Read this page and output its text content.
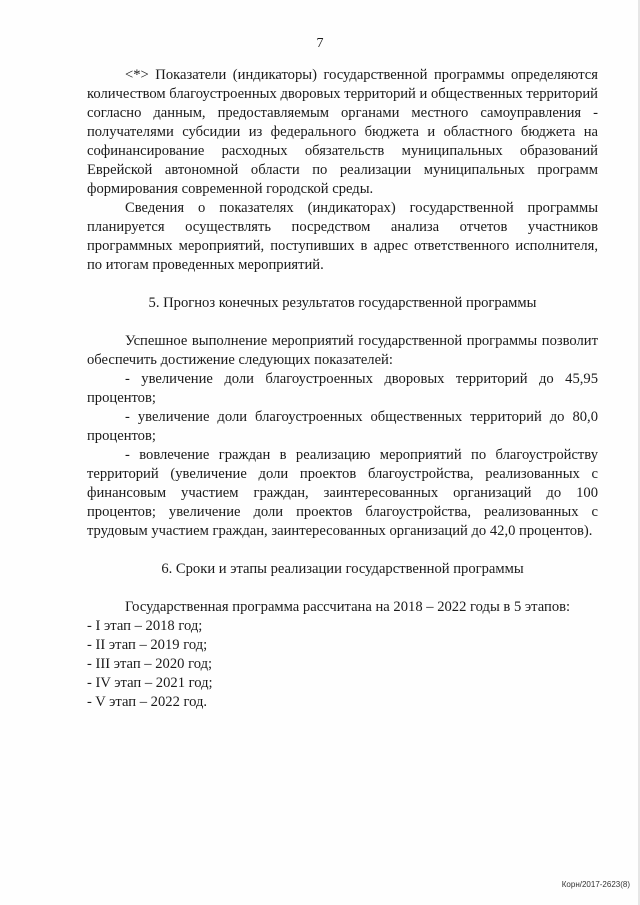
7

<*> Показатели (индикаторы) государственной программы определяются количеством благоустроенных дворовых территорий и общественных территорий согласно данным, предоставляемым органами местного самоуправления - получателями субсидии из федерального бюджета и областного бюджета на софинансирование расходных обязательств муниципальных образований Еврейской автономной области по реализации муниципальных программ формирования современной городской среды.

Сведения о показателях (индикаторах) государственной программы планируется осуществлять посредством анализа отчетов участников программных мероприятий, поступивших в адрес ответственного исполнителя, по итогам проведенных мероприятий.

5. Прогноз конечных результатов государственной программы

Успешное выполнение мероприятий государственной программы позволит обеспечить достижение следующих показателей:

- увеличение доли благоустроенных дворовых территорий до 45,95 процентов;

- увеличение доли благоустроенных общественных территорий до 80,0 процентов;

- вовлечение граждан в реализацию мероприятий по благоустройству территорий (увеличение доли проектов благоустройства, реализованных с финансовым участием граждан, заинтересованных организаций до 100 процентов; увеличение доли проектов благоустройства, реализованных с трудовым участием граждан, заинтересованных организаций до 42,0 процентов).

6. Сроки и этапы реализации государственной программы
Государственная программа рассчитана на 2018 – 2022 годы в 5 этапов:
- I этап – 2018 год;
- II этап – 2019 год;
- III этап – 2020 год;
- IV этап – 2021 год;
- V этап – 2022 год.
Корн/2017-2623(8)
